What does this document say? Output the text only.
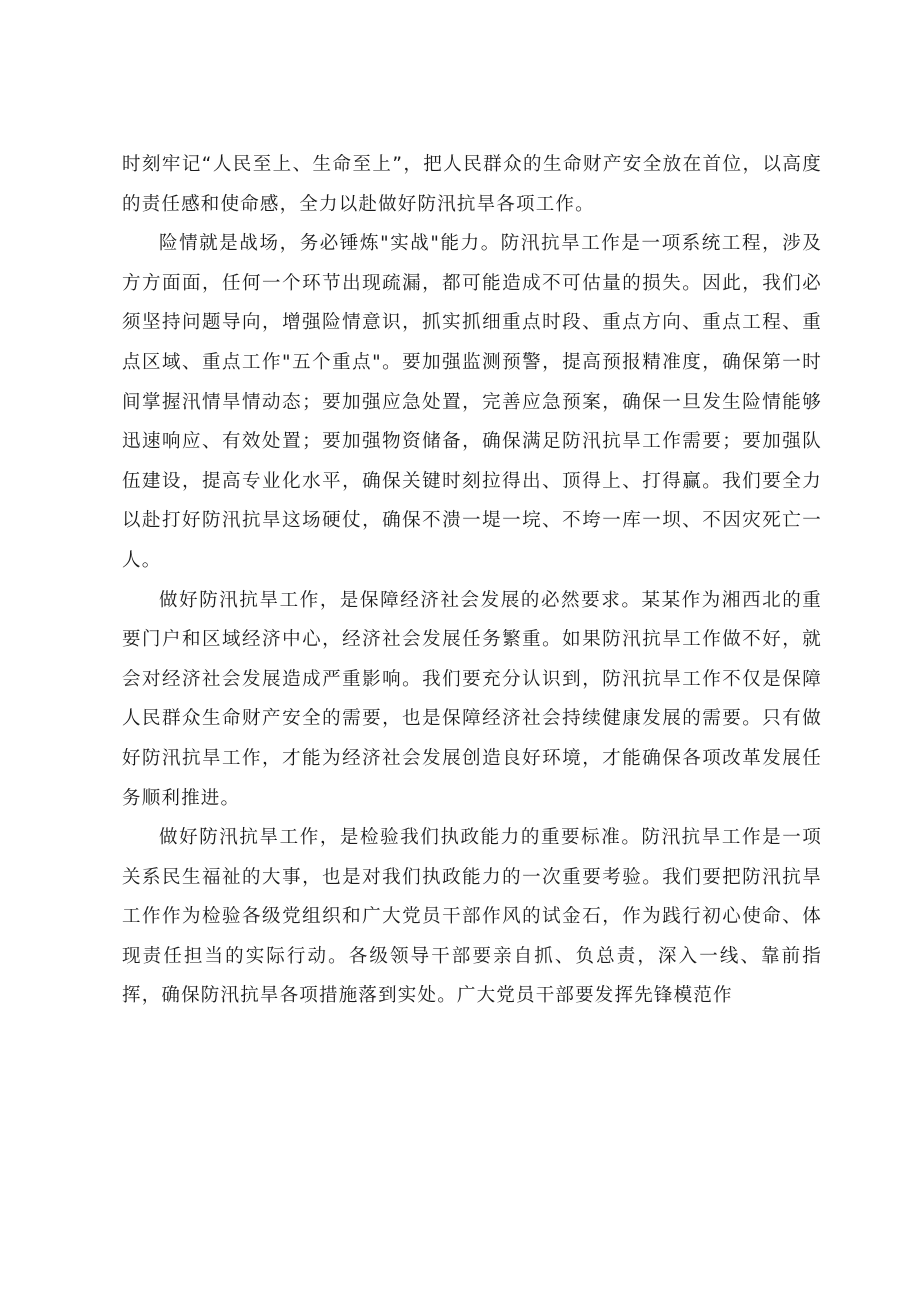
时刻牢记“人民至上、生命至上”，把人民群众的生命财产安全放在首位，以高度的责任感和使命感，全力以赴做好防汛抗旱各项工作。

险情就是战场，务必锤炼"实战"能力。防汛抗旱工作是一项系统工程，涉及方方面面，任何一个环节出现疏漏，都可能造成不可估量的损失。因此，我们必须坚持问题导向，增强险情意识，抓实抓细重点时段、重点方向、重点工程、重点区域、重点工作"五个重点"。要加强监测预警，提高预报精准度，确保第一时间掌握汛情旱情动态；要加强应急处置，完善应急预案，确保一旦发生险情能够迅速响应、有效处置；要加强物资储备，确保满足防汛抗旱工作需要；要加强队伍建设，提高专业化水平，确保关键时刻拉得出、顶得上、打得赢。我们要全力以赴打好防汛抗旱这场硬仗，确保不溃一堤一垸、不垮一库一坝、不因灾死亡一人。

做好防汛抗旱工作，是保障经济社会发展的必然要求。某某作为湘西北的重要门户和区域经济中心，经济社会发展任务繁重。如果防汛抗旱工作做不好，就会对经济社会发展造成严重影响。我们要充分认识到，防汛抗旱工作不仅是保障人民群众生命财产安全的需要，也是保障经济社会持续健康发展的需要。只有做好防汛抗旱工作，才能为经济社会发展创造良好环境，才能确保各项改革发展任务顺利推进。

做好防汛抗旱工作，是检验我们执政能力的重要标准。防汛抗旱工作是一项关系民生福祉的大事，也是对我们执政能力的一次重要考验。我们要把防汛抗旱工作作为检验各级党组织和广大党员干部作风的试金石，作为践行初心使命、体现责任担当的实际行动。各级领导干部要亲自抓、负总责，深入一线、靠前指挥，确保防汛抗旱各项措施落到实处。广大党员干部要发挥先锋模范作
